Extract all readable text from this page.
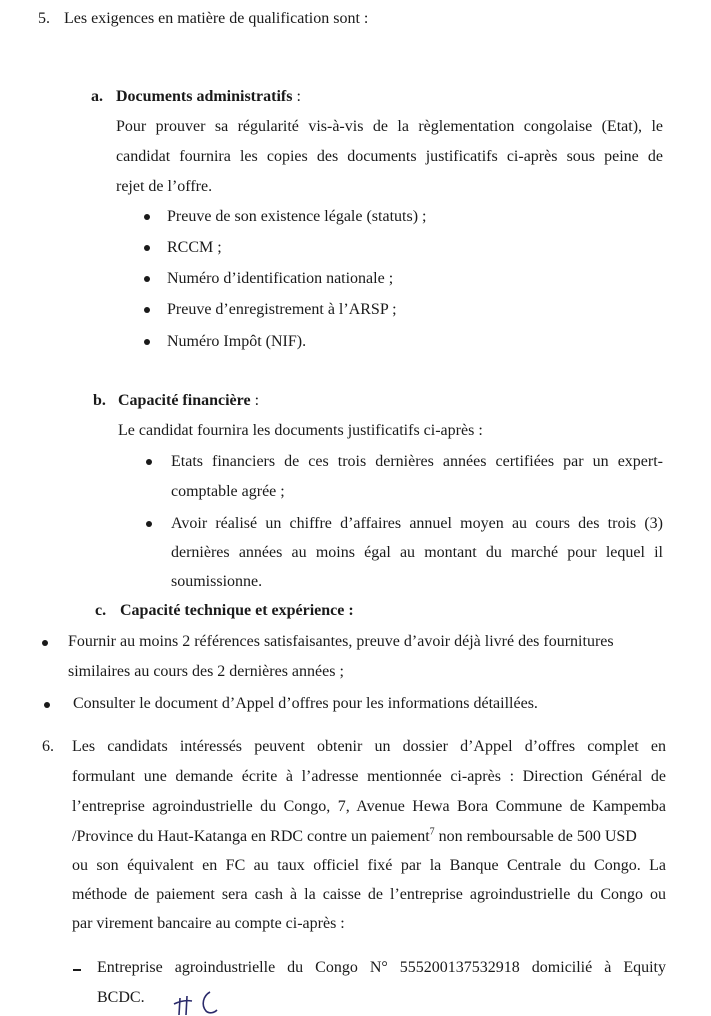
5. Les exigences en matière de qualification sont :
a. Documents administratifs :
Pour prouver sa régularité vis-à-vis de la règlementation congolaise (Etat), le
candidat fournira les copies des documents justificatifs ci-après sous peine de
rejet de l’offre.
Preuve de son existence légale (statuts) ;
RCCM ;
Numéro d’identification nationale ;
Preuve d’enregistrement à l’ARSP ;
Numéro Impôt (NIF).
b. Capacité financière :
Le candidat fournira les documents justificatifs ci-après :
Etats financiers de ces trois dernières années certifiées par un expert-
comptable agrée ;
Avoir réalisé un chiffre d’affaires annuel moyen au cours des trois (3)
dernières années au moins égal au montant du marché pour lequel il
soumissionne.
c. Capacité technique et expérience :
Fournir au moins 2 références satisfaisantes, preuve d’avoir déjà livré des fournitures
similaires au cours des 2 dernières années ;
Consulter le document d’Appel d’offres pour les informations détaillées.
6. Les candidats intéressés peuvent obtenir un dossier d’Appel d’offres complet en
formulant une demande écrite à l’adresse mentionnée ci-après : Direction Général de
l’entreprise agroindustrielle du Congo, 7, Avenue Hewa Bora Commune de Kampemba
/Province du Haut-Katanga en RDC contre un paiement$^7$ non remboursable de 500 USD
ou son équivalent en FC au taux officiel fixé par la Banque Centrale du Congo. La
méthode de paiement sera cash à la caisse de l’entreprise agroindustrielle du Congo ou
par virement bancaire au compte ci-après :
Entreprise agroindustrielle du Congo N° 555200137532918 domicilié à Equity
BCDC.
